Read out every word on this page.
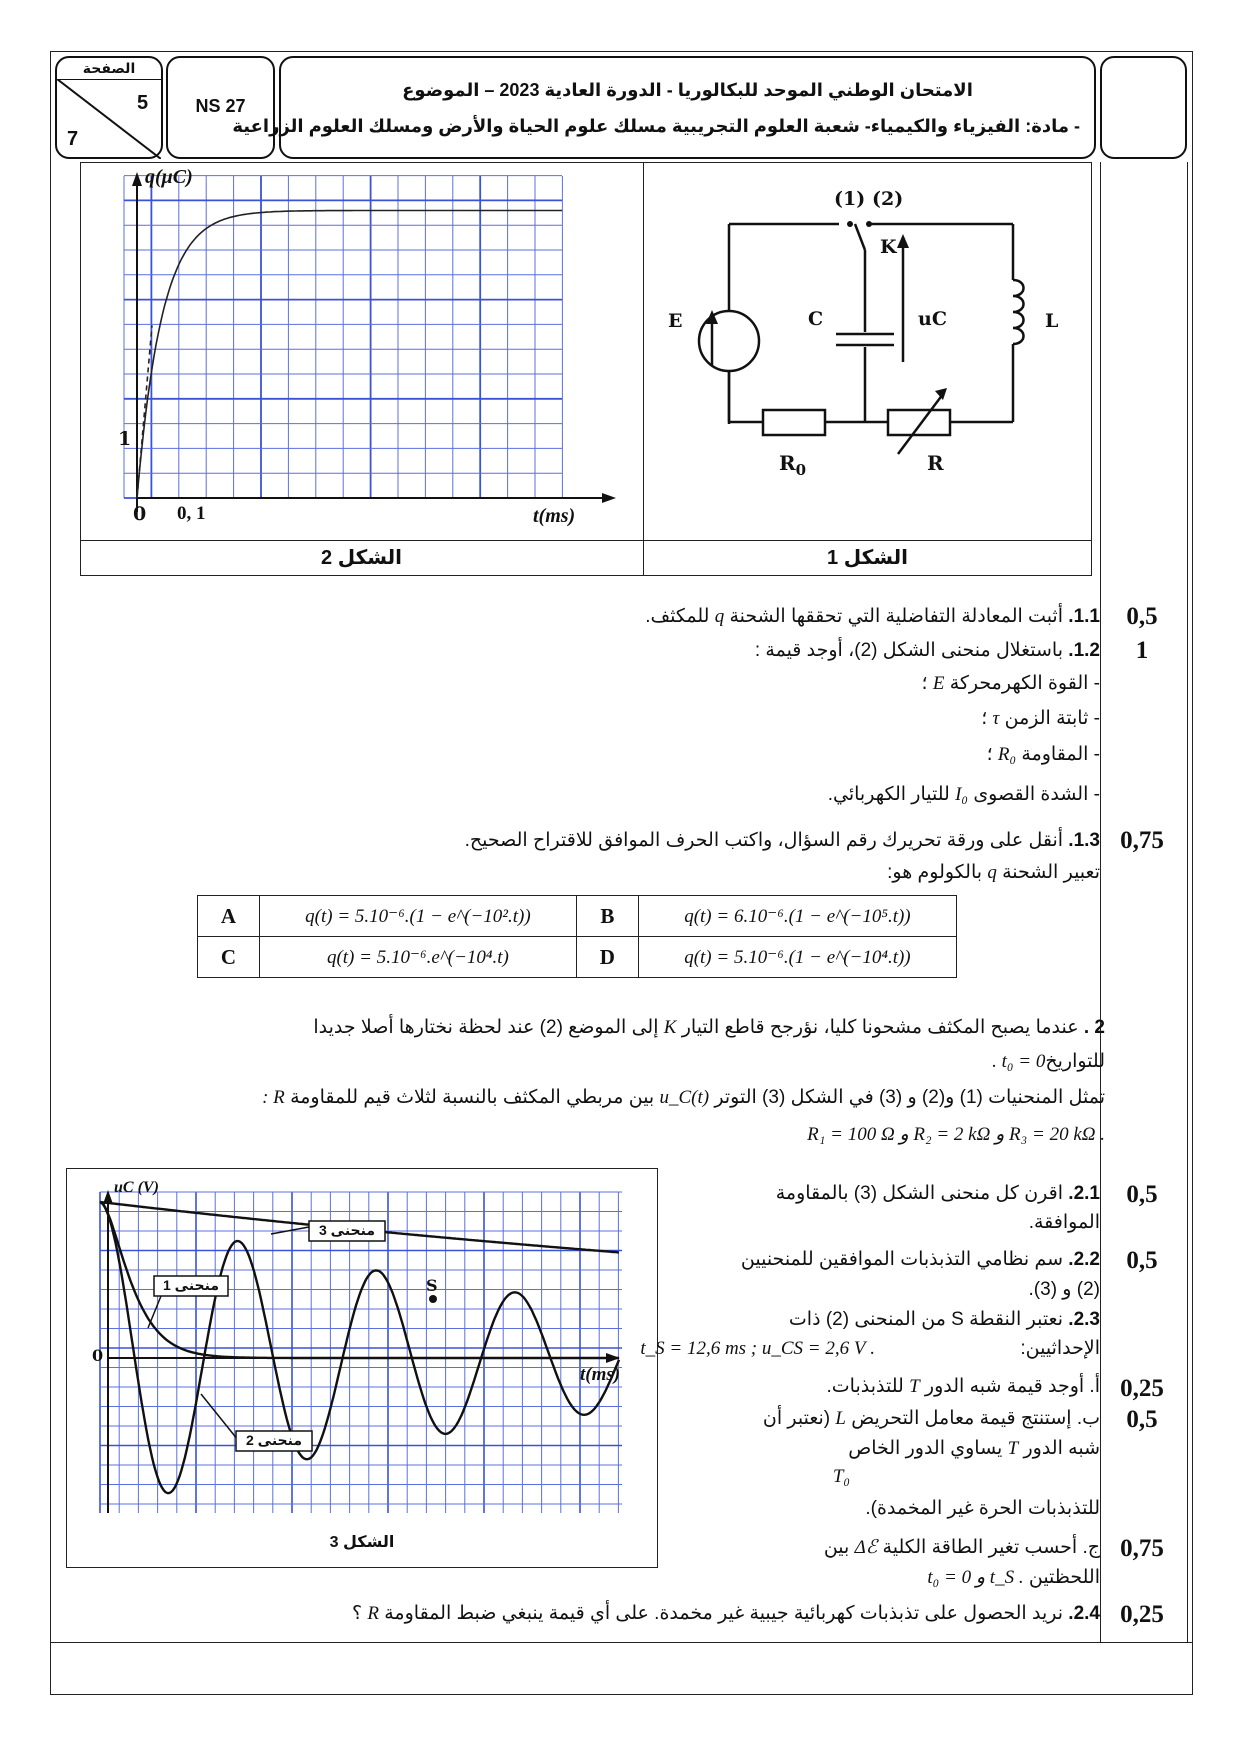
الصفحة
5
7
NS 27
الامتحان الوطني الموحد للبكالوريا - الدورة العادية 2023 – الموضوع
- مادة: الفيزياء والكيمياء- شعبة العلوم التجريبية مسلك علوم الحياة والأرض ومسلك العلوم الزراعية
الشكل 2	الشكل 1
q(μC)
t(ms)
0 0, 1
1
(1) (2)
K
E	C	uC	L
$R_0$	R
0,5
1
1.1. أثبت المعادلة التفاضلية التي تحققها الشحنة q للمكثف.
1.2. باستغلال منحنى الشكل (2)، أوجد قيمة :
- القوة الكهرمحركة E ؛
- ثابتة الزمن τ ؛
- المقاومة R₀ ؛
- الشدة القصوى I₀ للتيار الكهربائي.
0,75
1.3. أنقل على ورقة تحريرك رقم السؤال، واكتب الحرف الموافق للاقتراح الصحيح.
تعبير الشحنة q بالكولوم هو:
A	q(t) = 5.10⁻⁶.(1 − e^(−10².t))	B	q(t) = 6.10⁻⁶.(1 − e^(−10⁵.t))
C	q(t) = 5.10⁻⁶.e^(−10⁴.t)	D	q(t) = 5.10⁻⁶.(1 − e^(−10⁴.t))
2 . عندما يصبح المكثف مشحونا كليا، نؤرجح قاطع التيار K إلى الموضع (2) عند لحظة نختارها أصلا جديدا
للتواريخt₀ = 0 .
تمثل المنحنيات (1) و(2) و (3) في الشكل (3) التوتر u_C(t) بين مربطي المكثف بالنسبة لثلاث قيم للمقاومة R :
. R₃ = 20 kΩ و R₂ = 2 kΩ و R₁ = 100 Ω
uC (V)
t(ms)
0
منحنى 3
منحنى 1
منحنى 2
S
الشكل 3
0,5
2.1. اقرن كل منحنى الشكل (3) بالمقاومة
الموافقة.
0,5
2.2. سم نظامي التذبذبات الموافقين للمنحنيين
(2) و (3).
2.3. نعتبر النقطة S من المنحنى (2) ذات
الإحداثيين:
. t_S = 12,6 ms ; u_CS = 2,6 V
0,25
أ. أوجد قيمة شبه الدور T للتذبذبات.
0,5
ب. إستنتج قيمة معامل التحريض L (نعتبر أن
شبه الدور T يساوي الدور الخاص
T₀
للتذبذبات الحرة غير المخمدة).
0,75
ج. أحسب تغير الطاقة الكلية Δℰ بين
اللحظتين . t_S و t₀ = 0
0,25
2.4. نريد الحصول على تذبذبات كهربائية جيبية غير مخمدة. على أي قيمة ينبغي ضبط المقاومة R ؟
